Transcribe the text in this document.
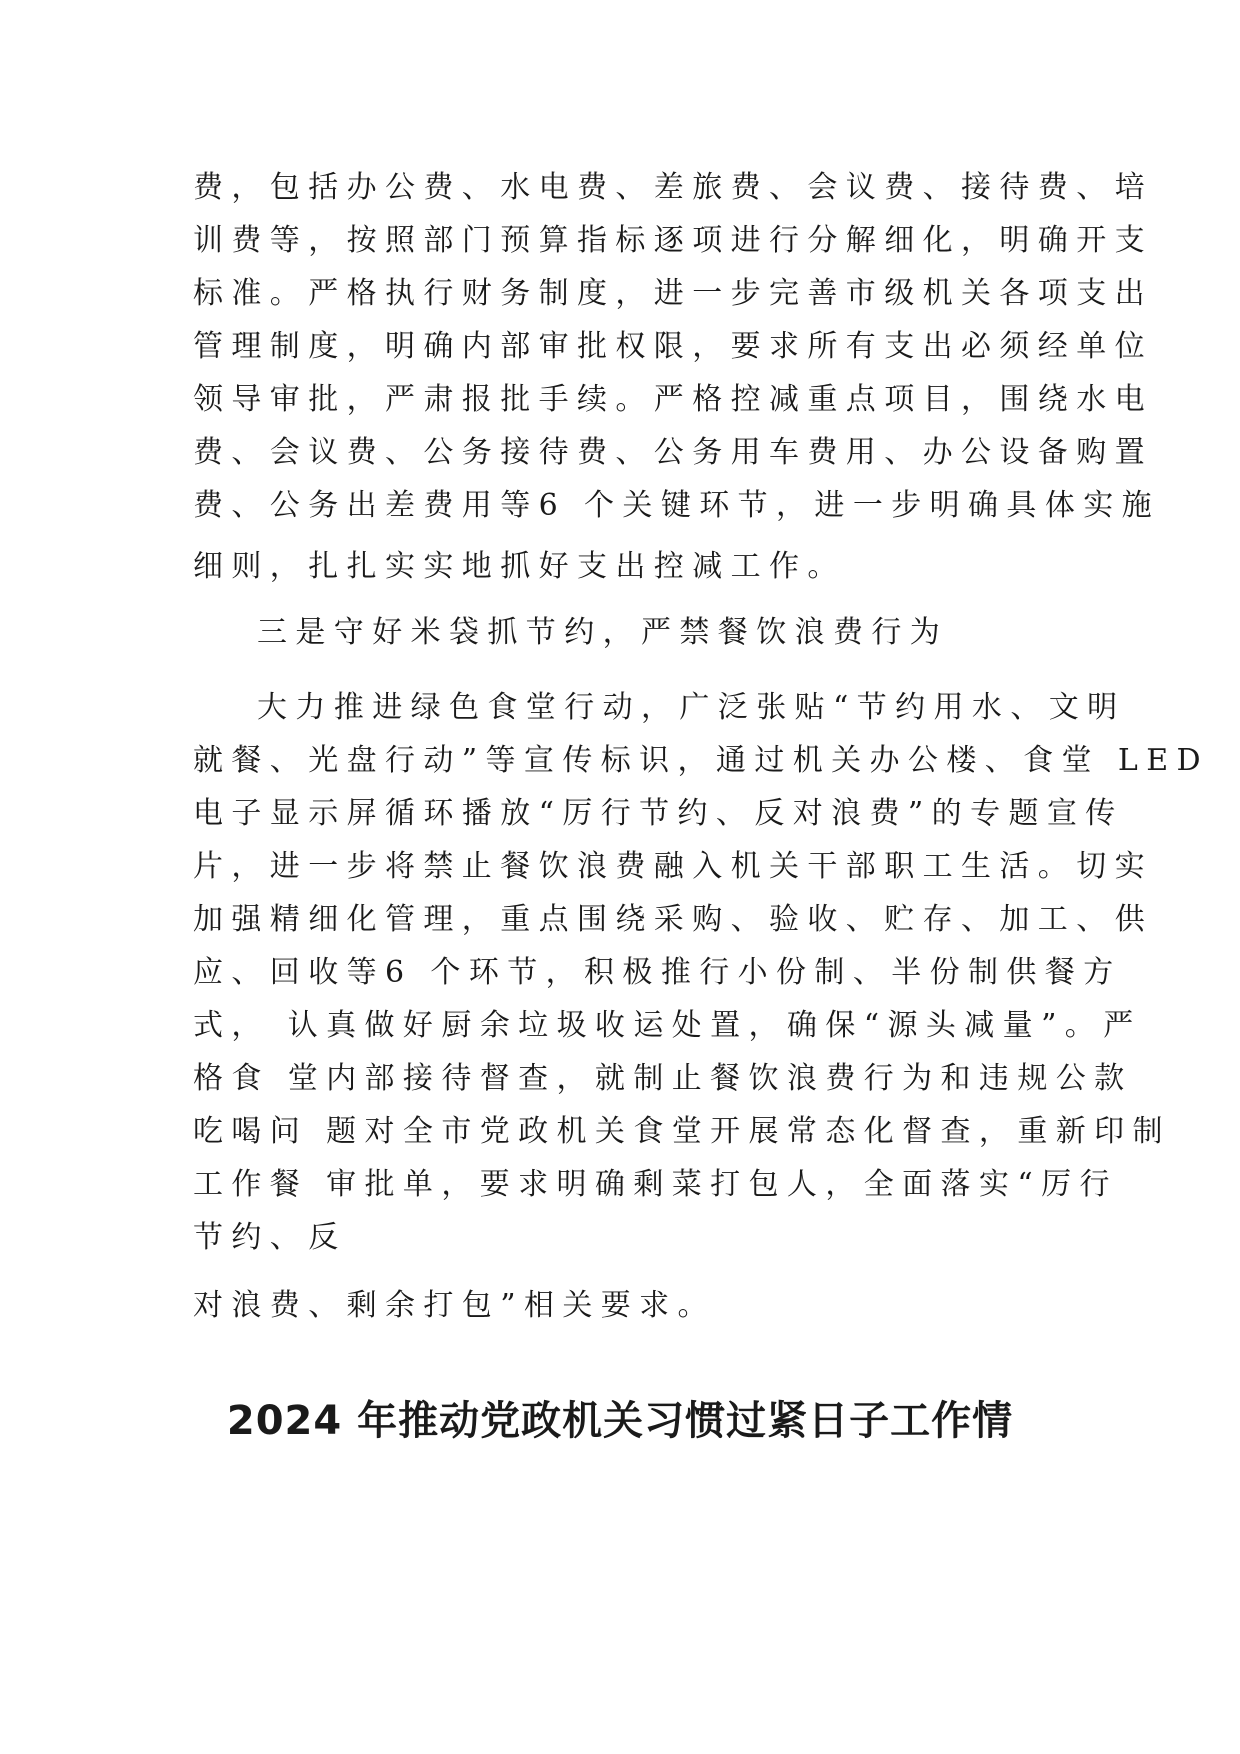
费，包括办公费、水电费、差旅费、会议费、接待费、培
训费等，按照部门预算指标逐项进行分解细化，明确开支
标准。严格执行财务制度，进一步完善市级机关各项支出
管理制度，明确内部审批权限，要求所有支出必须经单位
领导审批，严肃报批手续。严格控减重点项目，围绕水电
费、会议费、公务接待费、公务用车费用、办公设备购置
费、公务出差费用等6 个关键环节，进一步明确具体实施
细则，扎扎实实地抓好支出控减工作。
三是守好米袋抓节约，严禁餐饮浪费行为
大力推进绿色食堂行动，广泛张贴“节约用水、文明
就餐、光盘行动”等宣传标识，通过机关办公楼、食堂 LED
电子显示屏循环播放“厉行节约、反对浪费”的专题宣传
片，进一步将禁止餐饮浪费融入机关干部职工生活。切实
加强精细化管理，重点围绕采购、验收、贮存、加工、供
应、回收等6 个环节，积极推行小份制、半份制供餐方
式， 认真做好厨余垃圾收运处置，确保“源头减量”。严
格食 堂内部接待督查，就制止餐饮浪费行为和违规公款
吃喝问 题对全市党政机关食堂开展常态化督查，重新印制
工作餐 审批单，要求明确剩菜打包人，全面落实“厉行
节约、反
对浪费、剩余打包”相关要求。
2024 年推动党政机关习惯过紧日子工作情
